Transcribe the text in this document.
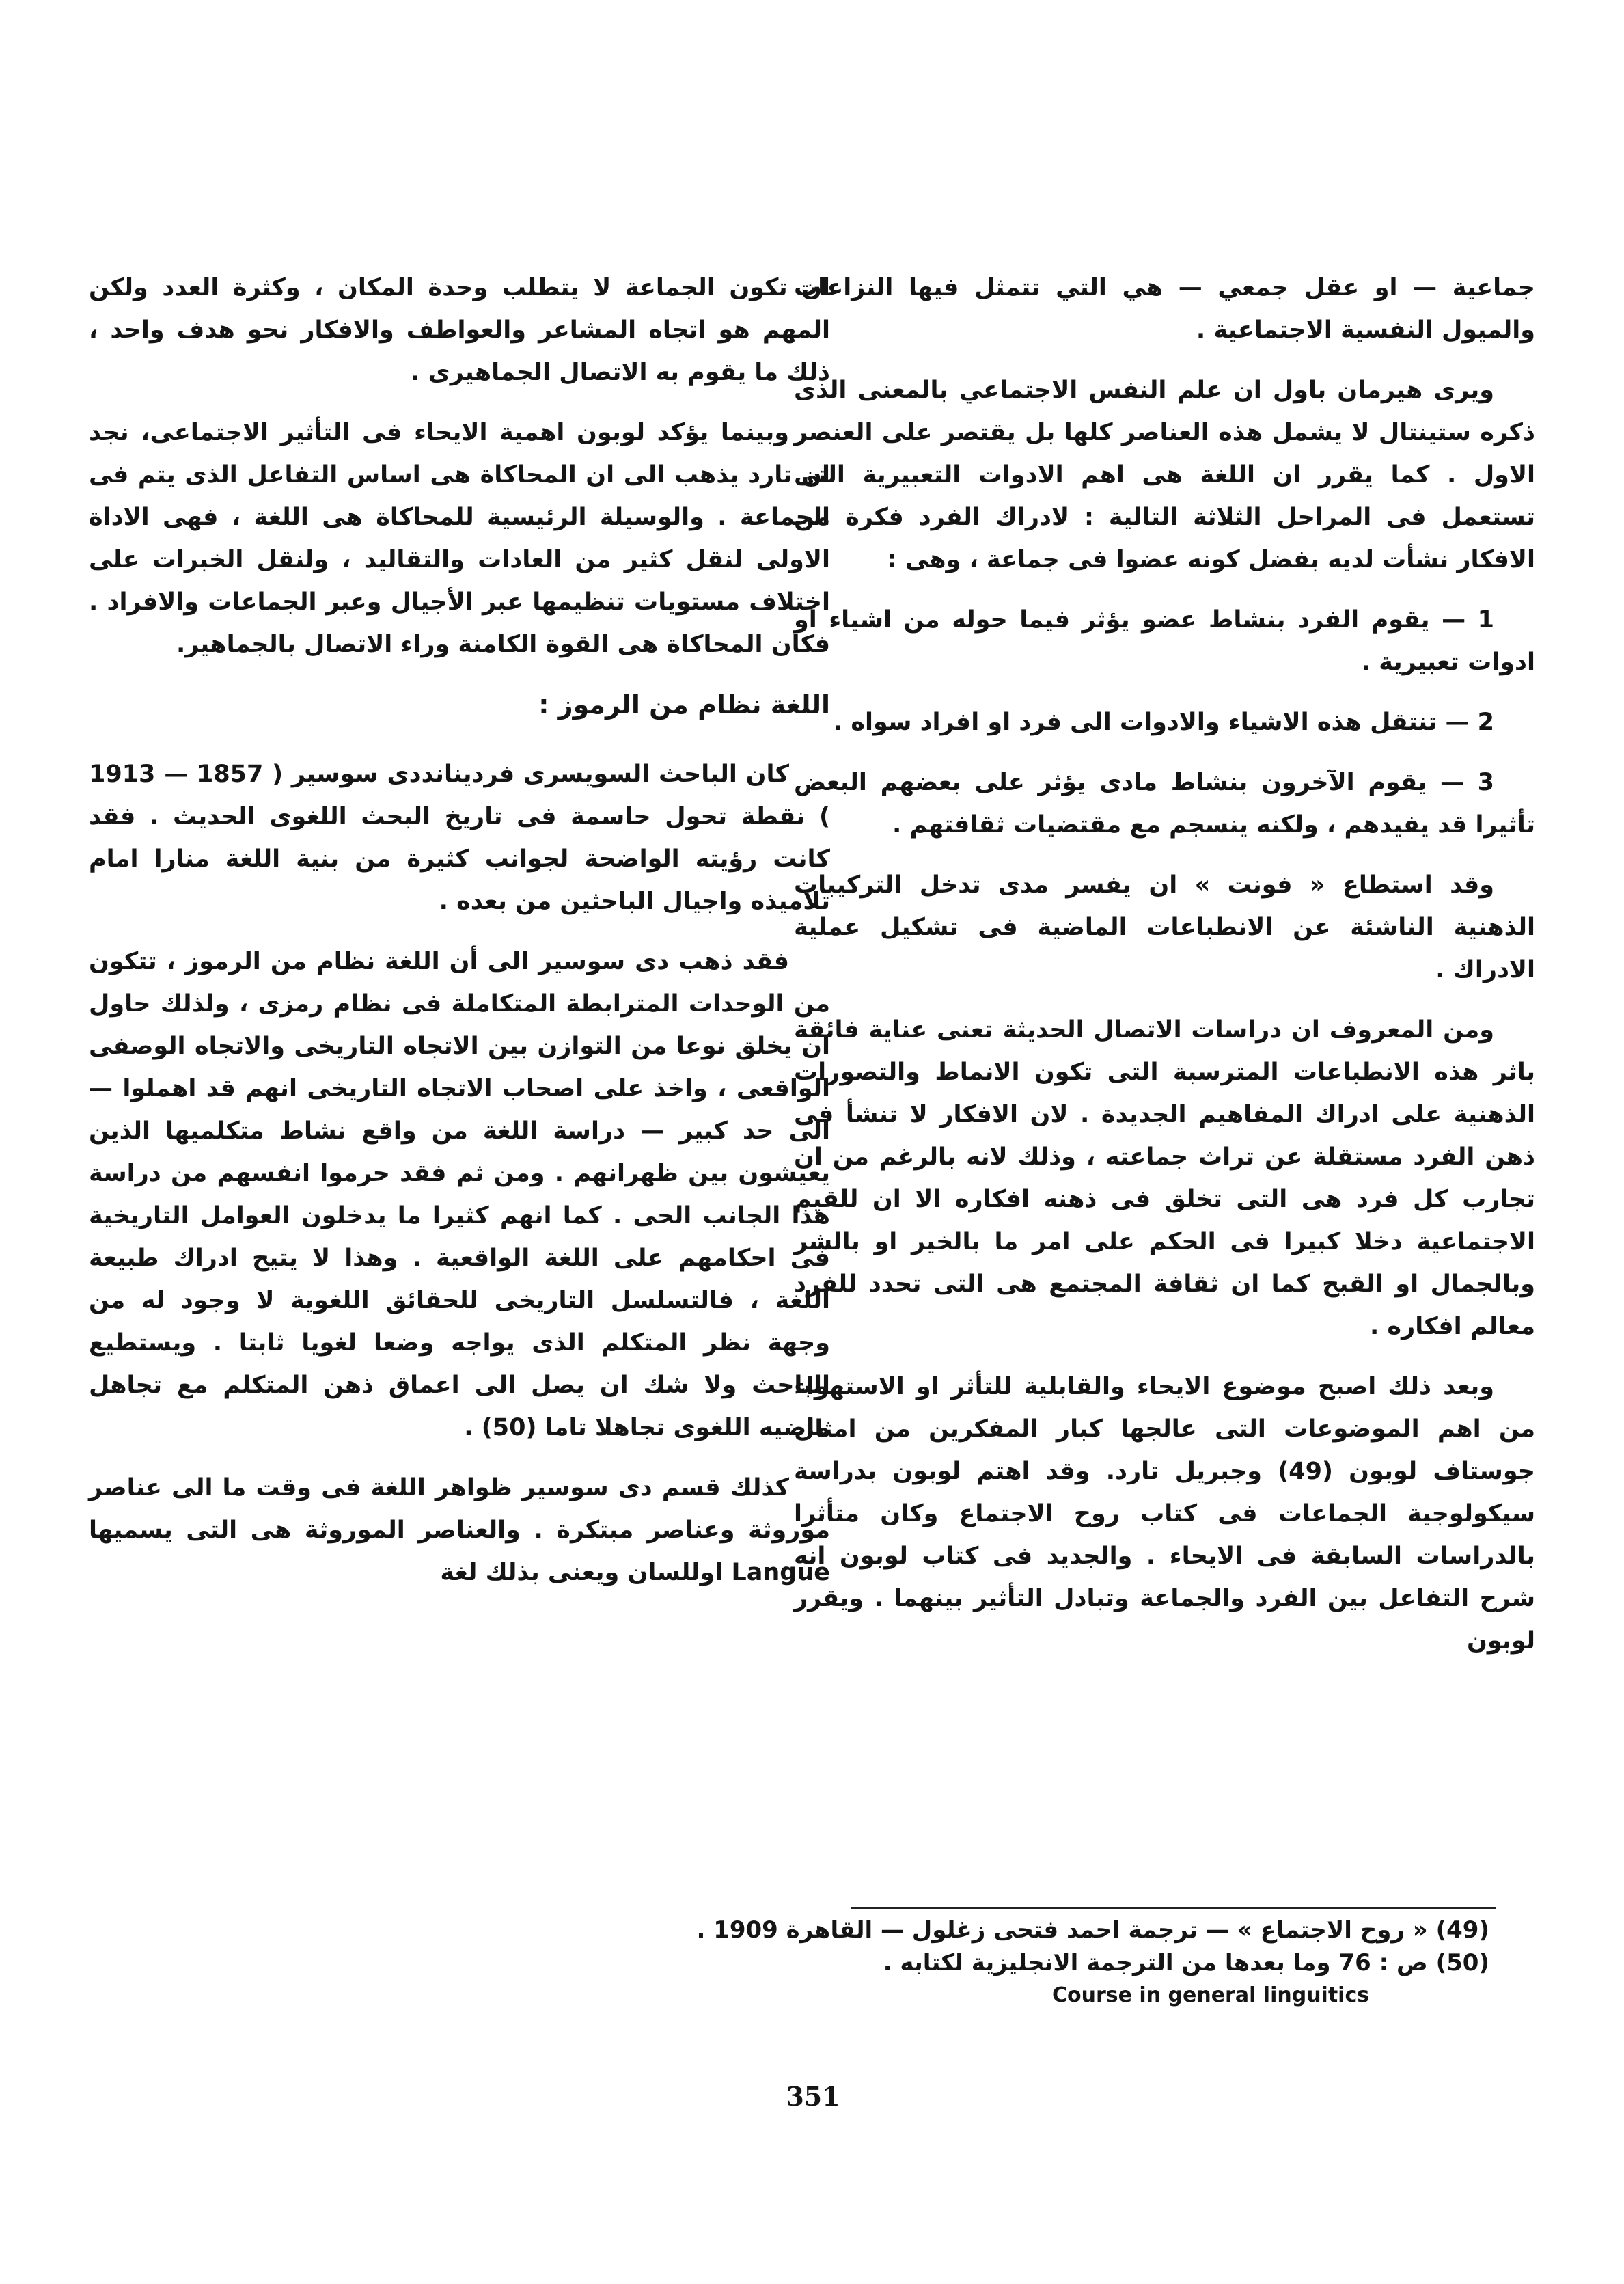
جماعية — او عقل جمعي — هي التي تتمثل فيها النزاعات والميول النفسية الاجتماعية .

ويرى هيرمان باول ان علم النفس الاجتماعي بالمعنى الذى ذكره ستينتال لا يشمل هذه العناصر كلها بل يقتصر على العنصر الاول . كما يقرر ان اللغة هى اهم الادوات التعبيرية التى تستعمل فى المراحل الثلاثة التالية : لادراك الفرد فكرة من الافكار نشأت لديه بفضل كونه عضوا فى جماعة ، وهى :

1 — يقوم الفرد بنشاط عضو يؤثر فيما حوله من اشياء او ادوات تعبيرية .

2 — تنتقل هذه الاشياء والادوات الى فرد او افراد سواه .

3 — يقوم الآخرون بنشاط مادى يؤثر على بعضهم البعض تأثيرا قد يفيدهم ، ولكنه ينسجم مع مقتضيات ثقافتهم .

وقد استطاع « فونت » ان يفسر مدى تدخل التركيبات الذهنية الناشئة عن الانطباعات الماضية فى تشكيل عملية الادراك .

ومن المعروف ان دراسات الاتصال الحديثة تعنى عناية فائقة باثر هذه الانطباعات المترسبة التى تكون الانماط والتصورات الذهنية على ادراك المفاهيم الجديدة . لان الافكار لا تنشأ فى ذهن الفرد مستقلة عن تراث جماعته ، وذلك لانه بالرغم من ان تجارب كل فرد هى التى تخلق فى ذهنه افكاره الا ان للقيم الاجتماعية دخلا كبيرا فى الحكم على امر ما بالخير او بالشر وبالجمال او القبح كما ان ثقافة المجتمع هى التى تحدد للفرد معالم افكاره .

وبعد ذلك اصبح موضوع الايحاء والقابلية للتأثر او الاستهواء من اهم الموضوعات التى عالجها كبار المفكرين من امثال جوستاف لوبون (49) وجبريل تارد. وقد اهتم لوبون بدراسة سيكولوجية الجماعات فى كتاب روح الاجتماع وكان متأثرا بالدراسات السابقة فى الايحاء . والجديد فى كتاب لوبون انه شرح التفاعل بين الفرد والجماعة وتبادل التأثير بينهما . ويقرر لوبون

ان تكون الجماعة لا يتطلب وحدة المكان ، وكثرة العدد ولكن المهم هو اتجاه المشاعر والعواطف والافكار نحو هدف واحد ، ذلك ما يقوم به الاتصال الجماهيرى .

وبينما يؤكد لوبون اهمية الايحاء فى التأثير الاجتماعى، نجد ان تارد يذهب الى ان المحاكاة هى اساس التفاعل الذى يتم فى الجماعة . والوسيلة الرئيسية للمحاكاة هى اللغة ، فهى الاداة الاولى لنقل كثير من العادات والتقاليد ، ولنقل الخبرات على اختلاف مستويات تنظيمها عبر الأجيال وعبر الجماعات والافراد . فكان المحاكاة هى القوة الكامنة وراء الاتصال بالجماهير.

اللغة نظام من الرموز :

كان الباحث السويسرى فردينانددى سوسير ( 1857 — 1913 ) نقطة تحول حاسمة فى تاريخ البحث اللغوى الحديث . فقد كانت رؤيته الواضحة لجوانب كثيرة من بنية اللغة منارا امام تلاميذه واجيال الباحثين من بعده .

فقد ذهب دى سوسير الى أن اللغة نظام من الرموز ، تتكون من الوحدات المترابطة المتكاملة فى نظام رمزى ، ولذلك حاول ان يخلق نوعا من التوازن بين الاتجاه التاريخى والاتجاه الوصفى الواقعى ، واخذ على اصحاب الاتجاه التاريخى انهم قد اهملوا — الى حد كبير — دراسة اللغة من واقع نشاط متكلميها الذين يعيشون بين ظهرانهم . ومن ثم فقد حرموا انفسهم من دراسة هذا الجانب الحى . كما انهم كثيرا ما يدخلون العوامل التاريخية فى احكامهم على اللغة الواقعية . وهذا لا يتيح ادراك طبيعة اللغة ، فالتسلسل التاريخى للحقائق اللغوية لا وجود له من وجهة نظر المتكلم الذى يواجه وضعا لغويا ثابتا . ويستطيع الباحث ولا شك ان يصل الى اعماق ذهن المتكلم مع تجاهل ماضيه اللغوى تجاهلا تاما (50) .

كذلك قسم دى سوسير ظواهر اللغة فى وقت ما الى عناصر موروثة وعناصر مبتكرة . والعناصر الموروثة هى التى يسميها Langue اوللسان ويعنى بذلك لغة

(49) « روح الاجتماع » — ترجمة احمد فتحى زغلول — القاهرة 1909 .

(50) ص : 76 وما بعدها من الترجمة الانجليزية لكتابه .

Course in general linguitics

351
